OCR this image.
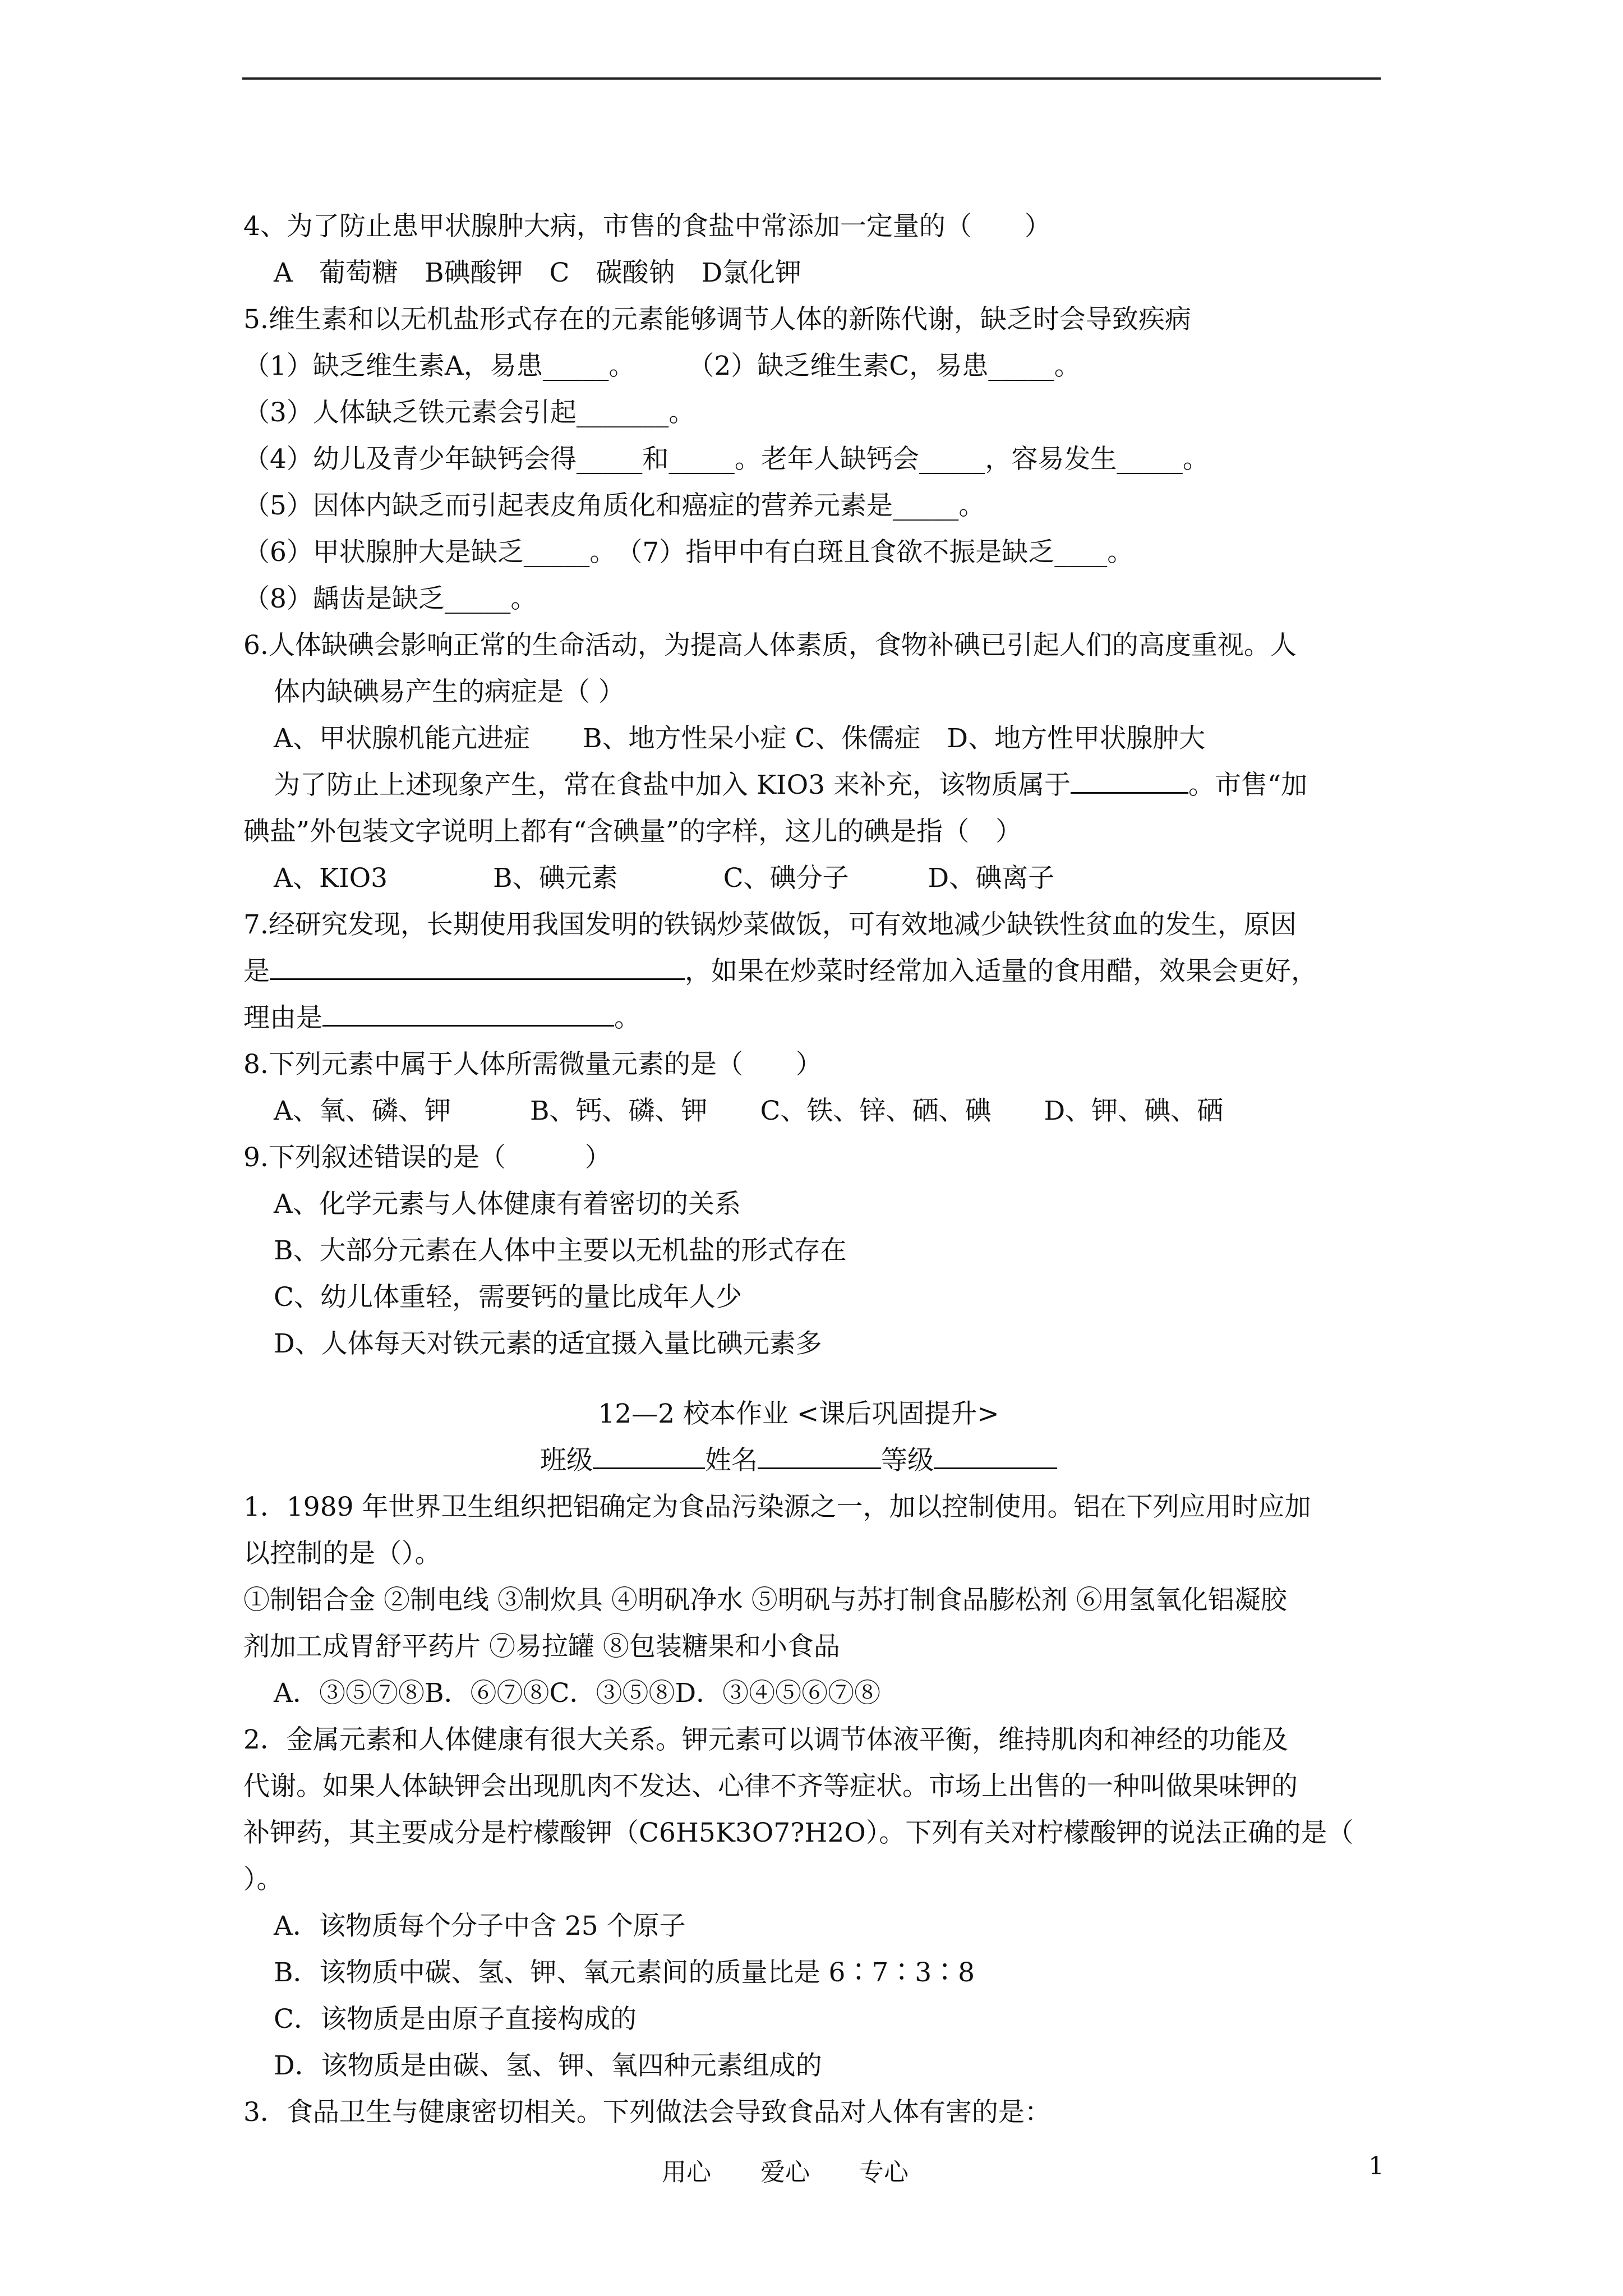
4、为了防止患甲状腺肿大病，市售的食盐中常添加一定量的（　　）
A　葡萄糖　B碘酸钾　C　碳酸钠　D氯化钾
5.维生素和以无机盐形式存在的元素能够调节人体的新陈代谢，缺乏时会导致疾病
（1）缺乏维生素A，易患_____。　　　（2）缺乏维生素C，易患_____。
（3）人体缺乏铁元素会引起_______。
（4）幼儿及青少年缺钙会得_____和_____。老年人缺钙会_____，容易发生_____。
（5）因体内缺乏而引起表皮角质化和癌症的营养元素是_____。
（6）甲状腺肿大是缺乏_____。　（7）指甲中有白斑且食欲不振是缺乏____。
（8）龋齿是缺乏_____。
6.人体缺碘会影响正常的生命活动，为提高人体素质，食物补碘已引起人们的高度重视。人
体内缺碘易产生的病症是（ ）
A、甲状腺机能亢进症　　B、地方性呆小症 C、侏儒症　D、地方性甲状腺肿大
为了防止上述现象产生，常在食盐中加入 KIO3 来补充，该物质属于	。市售“加
碘盐”外包装文字说明上都有“含碘量”的字样，这儿的碘是指（　）
A、KIO3　　　　B、碘元素　　　　C、碘分子　　　D、碘离子
7.经研究发现，长期使用我国发明的铁锅炒菜做饭，可有效地减少缺铁性贫血的发生，原因
是	，如果在炒菜时经常加入适量的食用醋，效果会更好，
理由是	。
8.下列元素中属于人体所需微量元素的是（　　）
A、氧、磷、钾　　　B、钙、磷、钾　　C、铁、锌、硒、碘　　D、钾、碘、硒
9.下列叙述错误的是（　　　）
A、化学元素与人体健康有着密切的关系
B、大部分元素在人体中主要以无机盐的形式存在
C、幼儿体重轻，需要钙的量比成年人少
D、人体每天对铁元素的适宜摄入量比碘元素多
12—2 校本作业 <课后巩固提升>
班级	姓名	等级
1．1989 年世界卫生组织把铝确定为食品污染源之一，加以控制使用。铝在下列应用时应加
以控制的是（）。
①制铝合金 ②制电线 ③制炊具 ④明矾净水 ⑤明矾与苏打制食品膨松剂 ⑥用氢氧化铝凝胶
剂加工成胃舒平药片 ⑦易拉罐 ⑧包装糖果和小食品
A．③⑤⑦⑧B．⑥⑦⑧C．③⑤⑧D．③④⑤⑥⑦⑧
2．金属元素和人体健康有很大关系。钾元素可以调节体液平衡，维持肌肉和神经的功能及
代谢。如果人体缺钾会出现肌肉不发达、心律不齐等症状。市场上出售的一种叫做果味钾的
补钾药，其主要成分是柠檬酸钾（C6H5K3O7?H2O）。下列有关对柠檬酸钾的说法正确的是（
）。
A．该物质每个分子中含 25 个原子
B．该物质中碳、氢、钾、氧元素间的质量比是 6∶7∶3∶8
C．该物质是由原子直接构成的
D．该物质是由碳、氢、钾、氧四种元素组成的
3．食品卫生与健康密切相关。下列做法会导致食品对人体有害的是：
用心　　爱心　　专心	1
